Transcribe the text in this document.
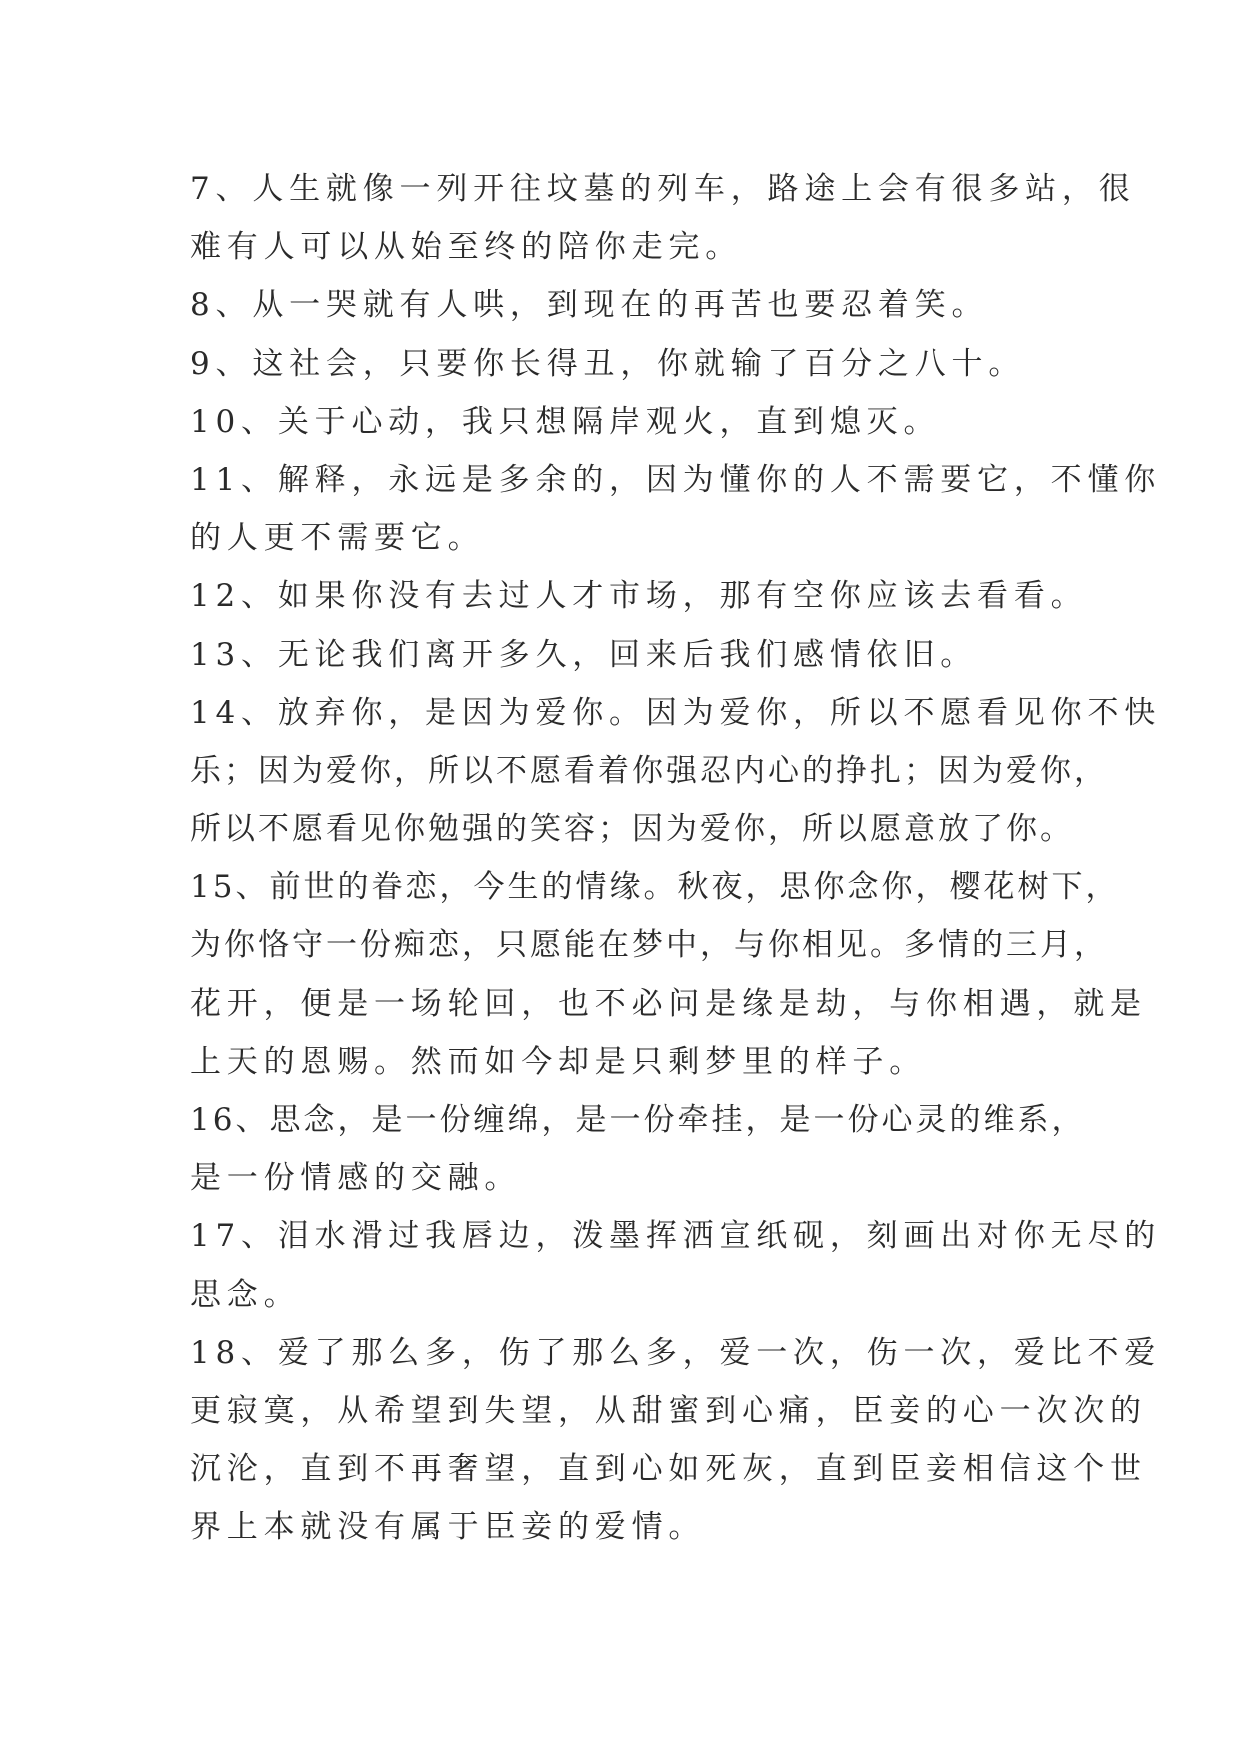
7、人生就像一列开往坟墓的列车，路途上会有很多站，很
难有人可以从始至终的陪你走完。
8、从一哭就有人哄，到现在的再苦也要忍着笑。
9、这社会，只要你长得丑，你就输了百分之八十。
10、关于心动，我只想隔岸观火，直到熄灭。
11、解释，永远是多余的，因为懂你的人不需要它，不懂你
的人更不需要它。
12、如果你没有去过人才市场，那有空你应该去看看。
13、无论我们离开多久，回来后我们感情依旧。
14、放弃你，是因为爱你。因为爱你，所以不愿看见你不快
乐；因为爱你，所以不愿看着你强忍内心的挣扎；因为爱你，
所以不愿看见你勉强的笑容；因为爱你，所以愿意放了你。
15、前世的眷恋，今生的情缘。秋夜，思你念你，樱花树下，
为你恪守一份痴恋，只愿能在梦中，与你相见。多情的三月，
花开，便是一场轮回，也不必问是缘是劫，与你相遇，就是
上天的恩赐。然而如今却是只剩梦里的样子。
16、思念，是一份缠绵，是一份牵挂，是一份心灵的维系，
是一份情感的交融。
17、泪水滑过我唇边，泼墨挥洒宣纸砚，刻画出对你无尽的
思念。
18、爱了那么多，伤了那么多，爱一次，伤一次，爱比不爱
更寂寞，从希望到失望，从甜蜜到心痛，臣妾的心一次次的
沉沦，直到不再奢望，直到心如死灰，直到臣妾相信这个世
界上本就没有属于臣妾的爱情。
